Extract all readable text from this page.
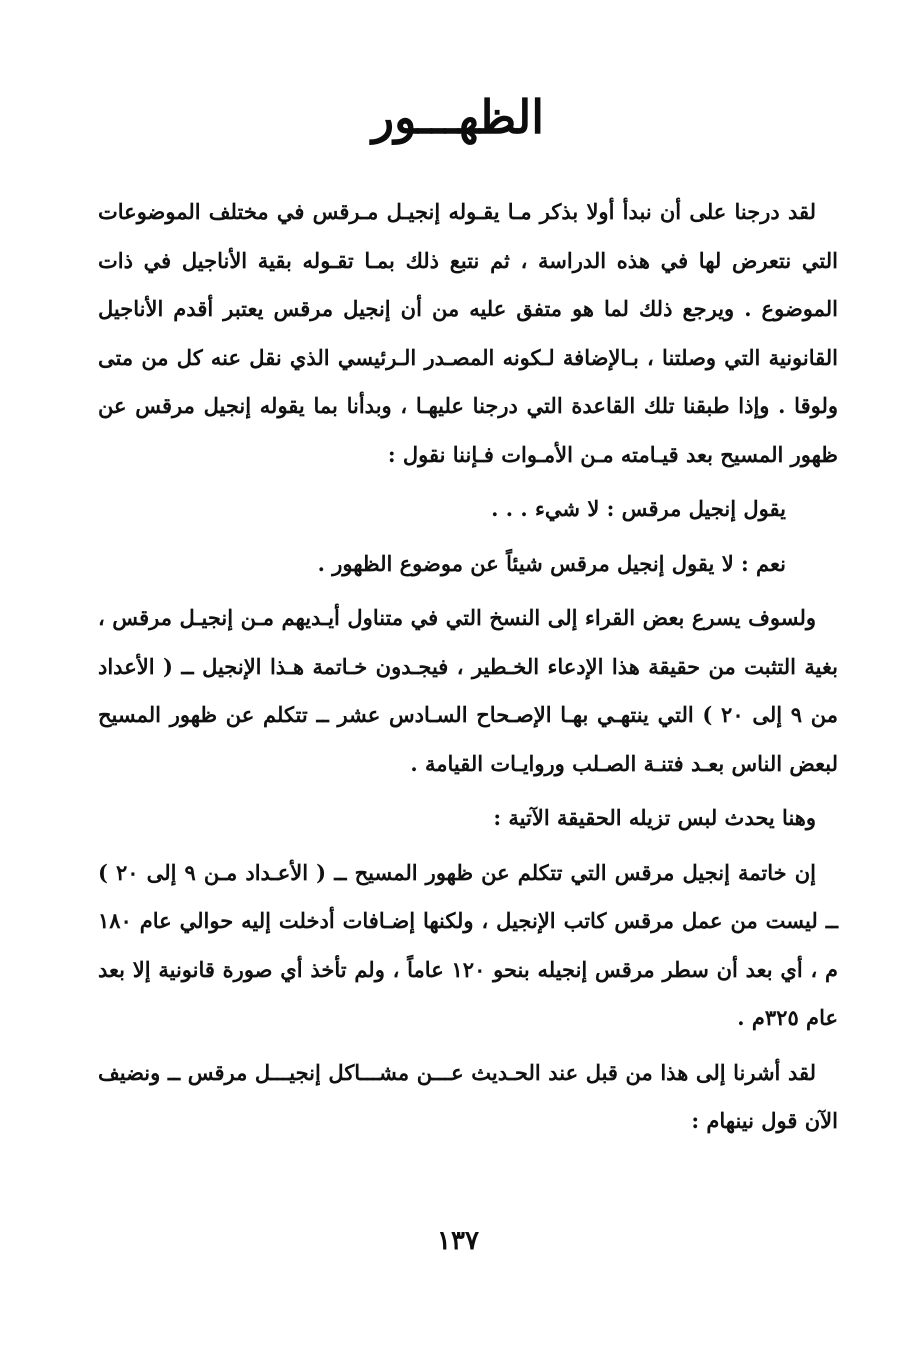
الظهـــور

لقد درجنا على أن نبدأ أولا بذكر مـا يقـوله إنجيـل مـرقس في مختلف الموضوعات التي نتعرض لها في هذه الدراسة ، ثم نتبع ذلك بمـا تقـوله بقية الأناجيل في ذات الموضوع . ويرجع ذلك لما هو متفق عليه من أن إنجيل مرقس يعتبر أقدم الأناجيل القانونية التي وصلتنا ، بـالإضافة لـكونه المصـدر الـرئيسي الذي نقل عنه كل من متى ولوقا . وإذا طبقنا تلك القاعدة التي درجنا عليهـا ، وبدأنا بما يقوله إنجيل مرقس عن ظهور المسيح بعد قيـامته مـن الأمـوات فـإننا نقول :

يقول إنجيل مرقس : لا شيء . . .

نعم : لا يقول إنجيل مرقس شيئاً عن موضوع الظهور .

ولسوف يسرع بعض القراء إلى النسخ التي في متناول أيـديهم مـن إنجيـل مرقس ، بغية التثبت من حقيقة هذا الإدعاء الخـطير ، فيجـدون خـاتمة هـذا الإنجيل ــ ( الأعداد من ٩ إلى ٢٠ ) التي ينتهـي بهـا الإصـحاح السـادس عشر ــ تتكلم عن ظهور المسيح لبعض الناس بعـد فتنـة الصـلب وروايـات القيامة .

وهنا يحدث لبس تزيله الحقيقة الآتية :

إن خاتمة إنجيل مرقس التي تتكلم عن ظهور المسيح ــ ( الأعـداد مـن ٩ إلى ٢٠ ) ــ ليست من عمل مرقس كاتب الإنجيل ، ولكنها إضـافات أدخلت إليه حوالي عام ١٨٠ م ، أي بعد أن سطر مرقس إنجيله بنحو ١٢٠ عاماً ، ولم تأخذ أي صورة قانونية إلا بعد عام ٣٢٥م .

لقد أشرنا إلى هذا من قبل عند الحـديث عـــن مشـــاكل إنجيـــل مرقس ــ ونضيف الآن قول نينهام :

١٣٧
